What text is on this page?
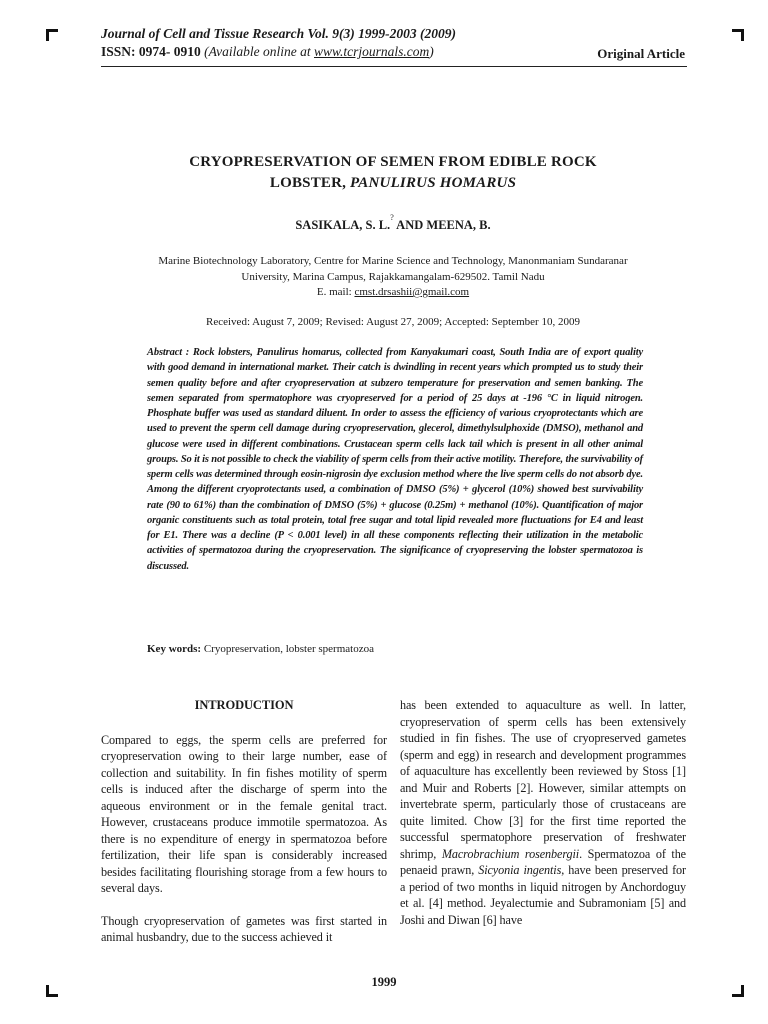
Journal of Cell and Tissue Research Vol. 9(3) 1999-2003 (2009)
ISSN: 0974- 0910 (Available online at www.tcrjournals.com)	Original Article
CRYOPRESERVATION OF SEMEN FROM EDIBLE ROCK
LOBSTER, PANULIRUS HOMARUS
SASIKALA, S. L.? AND MEENA, B.
Marine Biotechnology Laboratory, Centre for Marine Science and Technology, Manonmaniam Sundaranar
University, Marina Campus, Rajakkamangalam-629502. Tamil Nadu
E. mail: cmst.drsashii@gmail.com
Received: August 7, 2009; Revised: August 27, 2009; Accepted: September 10, 2009
Abstract : Rock lobsters, Panulirus homarus, collected from Kanyakumari coast, South India are of export quality with good demand in international market. Their catch is dwindling in recent years which prompted us to study their semen quality before and after cryopreservation at subzero temperature for preservation and semen banking. The semen separated from spermatophore was cryopreserved for a period of 25 days at -196 °C in liquid nitrogen. Phosphate buffer was used as standard diluent. In order to assess the efficiency of various cryoprotectants which are used to prevent the sperm cell damage during cryopreservation, glecerol, dimethylsulphoxide (DMSO), methanol and glucose were used in different combinations. Crustacean sperm cells lack tail which is present in all other animal groups. So it is not possible to check the viability of sperm cells from their active motility. Therefore, the survivability of sperm cells was determined through eosin-nigrosin dye exclusion method where the live sperm cells do not absorb dye. Among the different cryoprotectants used, a combination of DMSO (5%) + glycerol (10%) showed best survivability rate (90 to 61%) than the combination of DMSO (5%) + glucose (0.25m) + methanol (10%). Quantification of major organic constituents such as total protein, total free sugar and total lipid revealed more fluctuations for E4 and least for E1. There was a decline (P < 0.001 level) in all these components reflecting their utilization in the metabolic activities of spermatozoa during the cryopreservation. The significance of cryopreserving the lobster spermatozoa is discussed.
Key words: Cryopreservation, lobster spermatozoa
INTRODUCTION

Compared to eggs, the sperm cells are preferred for cryopreservation owing to their large number, ease of collection and suitability. In fin fishes motility of sperm cells is induced after the discharge of sperm into the aqueous environment or in the female genital tract. However, crustaceans produce immotile spermatozoa. As there is no expenditure of energy in spermatozoa before fertilization, their life span is considerably increased besides facilitating flourishing storage from a few hours to several days.

Though cryopreservation of gametes was first started in animal husbandry, due to the success achieved it

has been extended to aquaculture as well. In latter, cryopreservation of sperm cells has been extensively studied in fin fishes. The use of cryopreserved gametes (sperm and egg) in research and development programmes of aquaculture has excellently been reviewed by Stoss [1] and Muir and Roberts [2]. However, similar attempts on invertebrate sperm, particularly those of crustaceans are quite limited. Chow [3] for the first time reported the successful spermatophore preservation of freshwater shrimp, Macrobrachium rosenbergii. Spermatozoa of the penaeid prawn, Sicyonia ingentis, have been preserved for a period of two months in liquid nitrogen by Anchordoguy et al. [4] method. Jeyalectumie and Subramoniam [5] and Joshi and Diwan [6] have

1999
